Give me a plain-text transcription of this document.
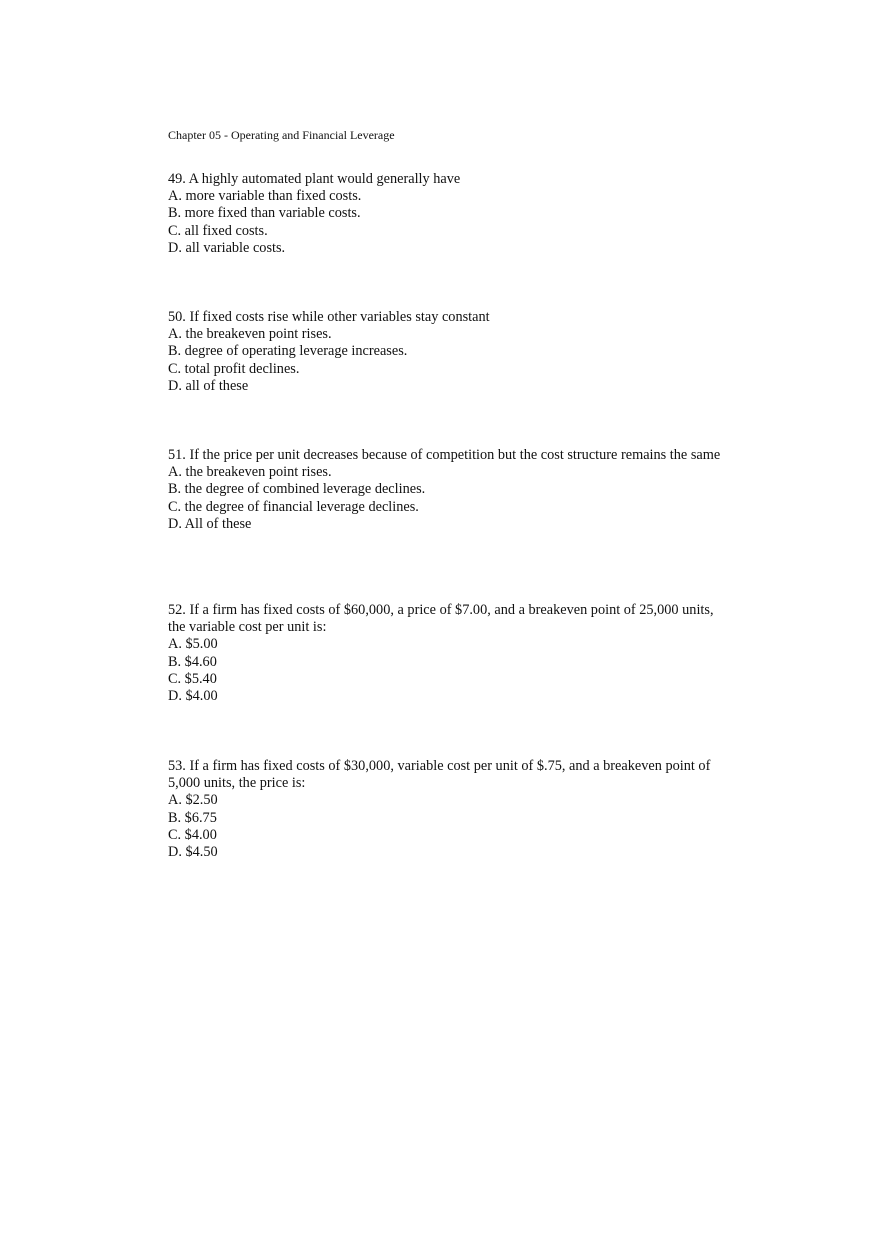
Chapter 05 - Operating and Financial Leverage

49. A highly automated plant would generally have

A. more variable than fixed costs.

B. more fixed than variable costs.

C. all fixed costs.

D. all variable costs.

50. If fixed costs rise while other variables stay constant

A. the breakeven point rises.

B. degree of operating leverage increases.

C. total profit declines.

D. all of these

51. If the price per unit decreases because of competition but the cost structure remains the same

A. the breakeven point rises.

B. the degree of combined leverage declines.

C. the degree of financial leverage declines.

D. All of these

52. If a firm has fixed costs of $60,000, a price of $7.00, and a breakeven point of 25,000 units, the variable cost per unit is:

A. $5.00

B. $4.60

C. $5.40

D. $4.00

53. If a firm has fixed costs of $30,000, variable cost per unit of $.75, and a breakeven point of 5,000 units, the price is:

A. $2.50

B. $6.75

C. $4.00

D. $4.50
